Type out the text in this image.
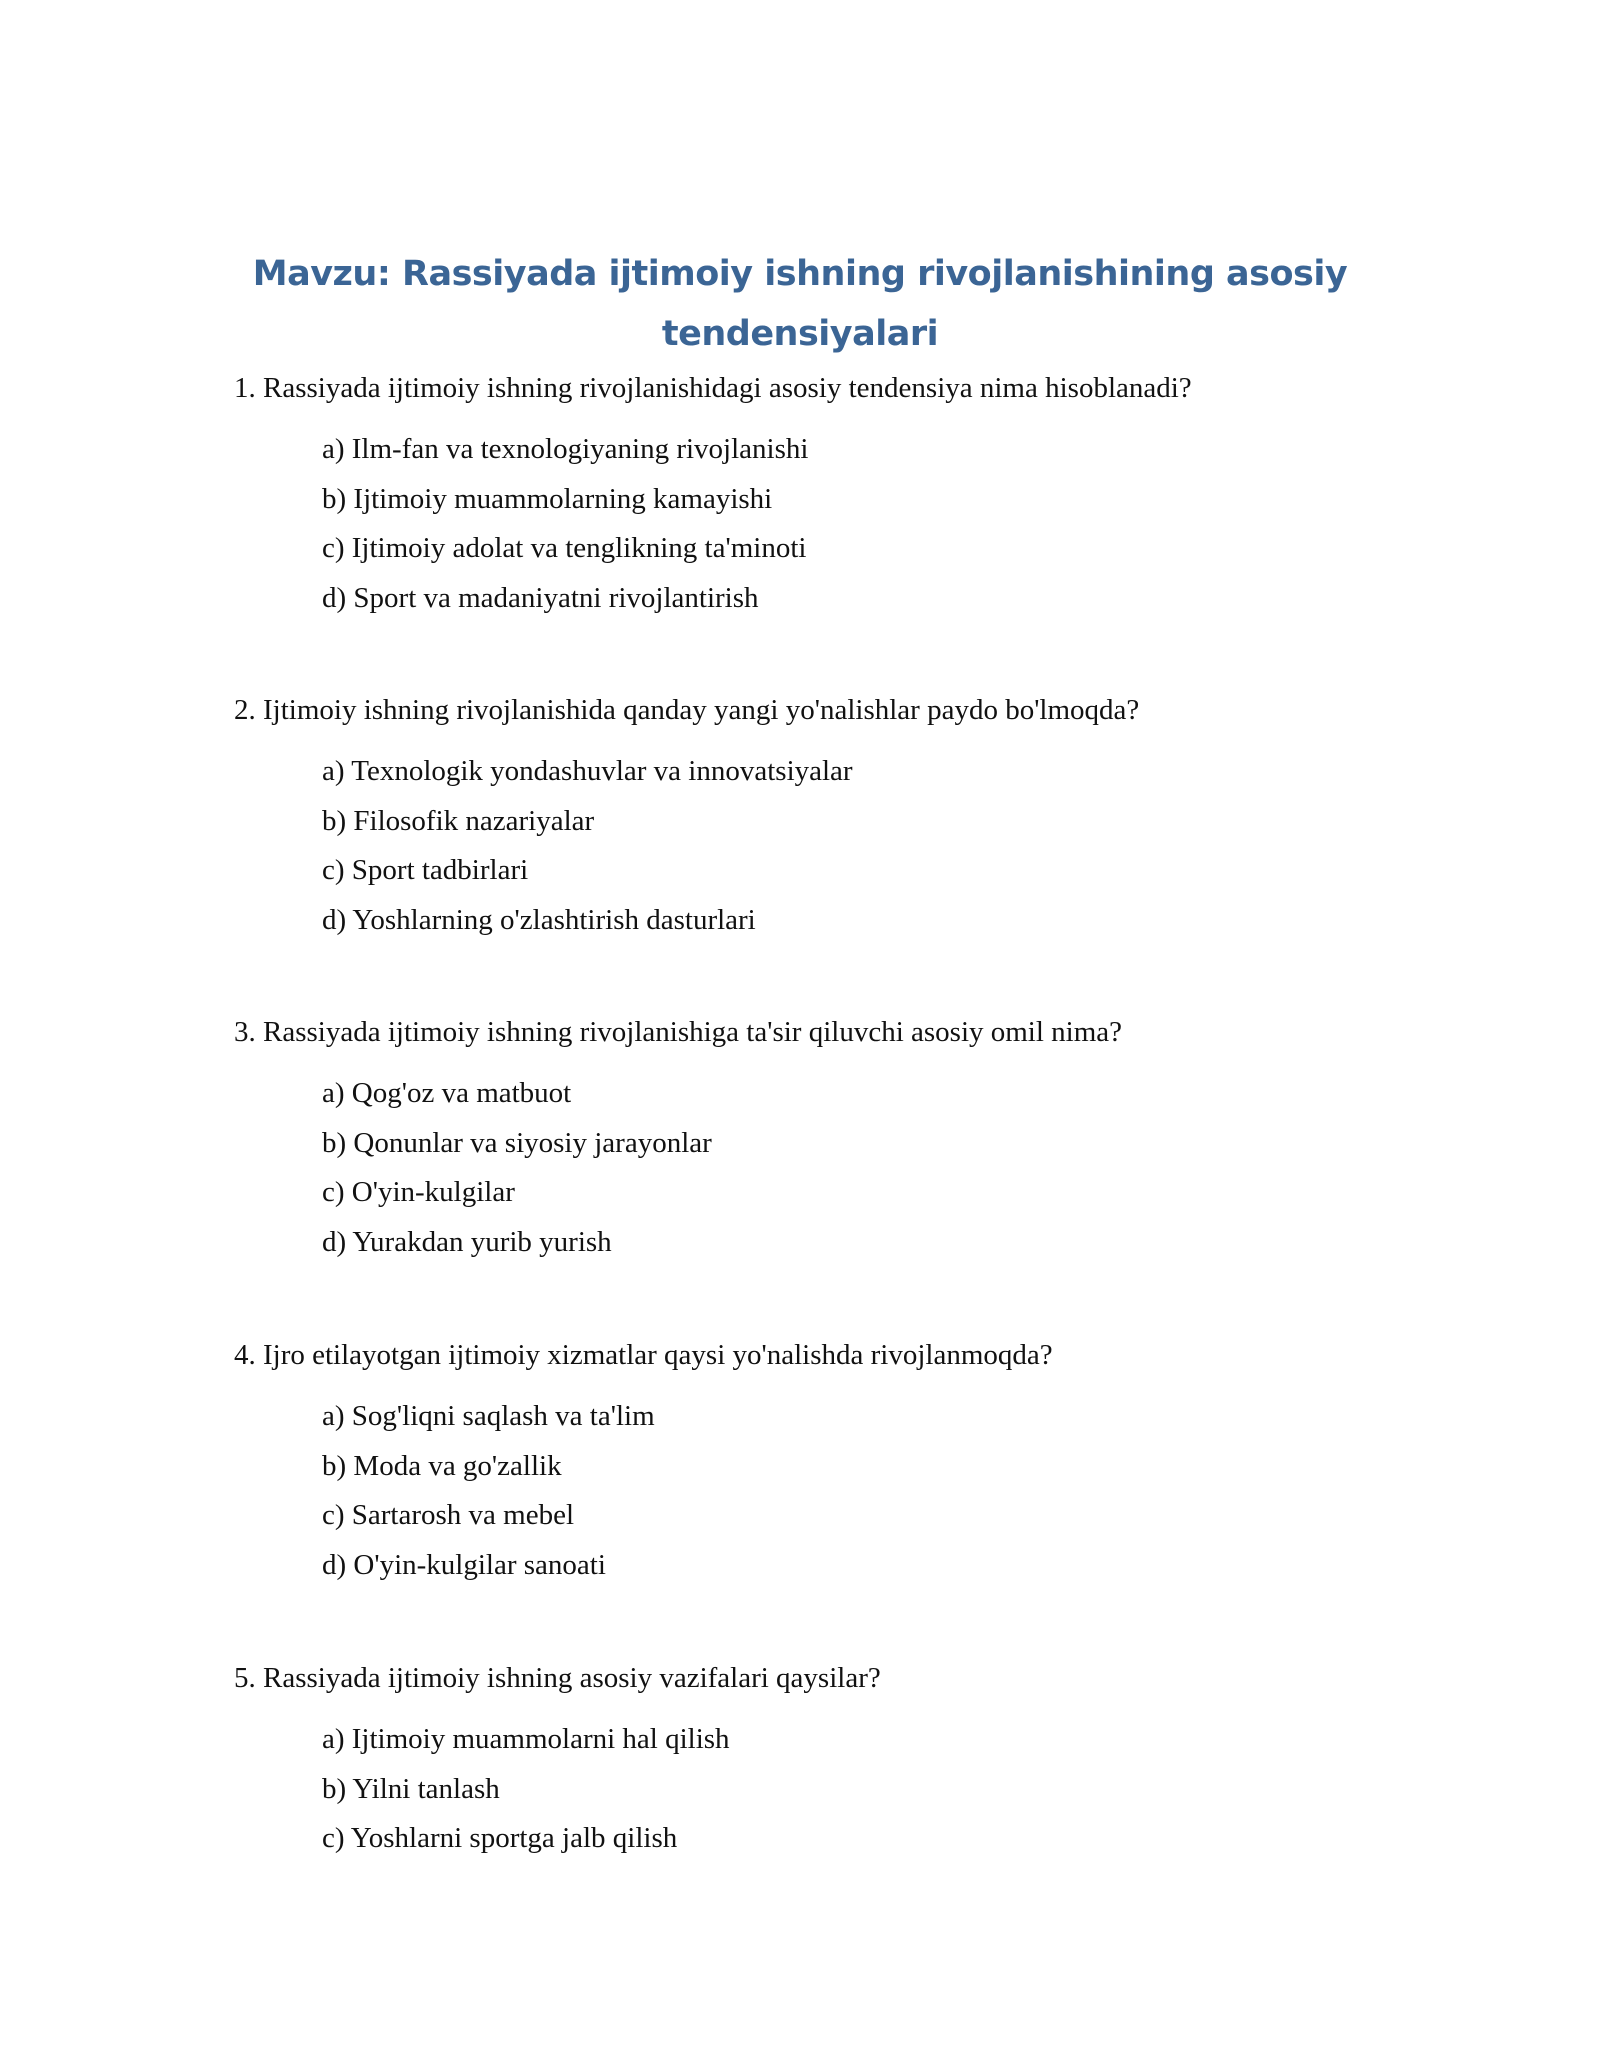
Mavzu: Rassiyada ijtimoiy ishning rivojlanishining asosiy
tendensiyalari
1. Rassiyada ijtimoiy ishning rivojlanishidagi asosiy tendensiya nima hisoblanadi?
a) Ilm-fan va texnologiyaning rivojlanishi
b) Ijtimoiy muammolarning kamayishi
c) Ijtimoiy adolat va tenglikning ta'minoti
d) Sport va madaniyatni rivojlantirish
2. Ijtimoiy ishning rivojlanishida qanday yangi yo'nalishlar paydo bo'lmoqda?
a) Texnologik yondashuvlar va innovatsiyalar
b) Filosofik nazariyalar
c) Sport tadbirlari
d) Yoshlarning o'zlashtirish dasturlari
3. Rassiyada ijtimoiy ishning rivojlanishiga ta'sir qiluvchi asosiy omil nima?
a) Qog'oz va matbuot
b) Qonunlar va siyosiy jarayonlar
c) O'yin-kulgilar
d) Yurakdan yurib yurish
4. Ijro etilayotgan ijtimoiy xizmatlar qaysi yo'nalishda rivojlanmoqda?
a) Sog'liqni saqlash va ta'lim
b) Moda va go'zallik
c) Sartarosh va mebel
d) O'yin-kulgilar sanoati
5. Rassiyada ijtimoiy ishning asosiy vazifalari qaysilar?
a) Ijtimoiy muammolarni hal qilish
b) Yilni tanlash
c) Yoshlarni sportga jalb qilish
